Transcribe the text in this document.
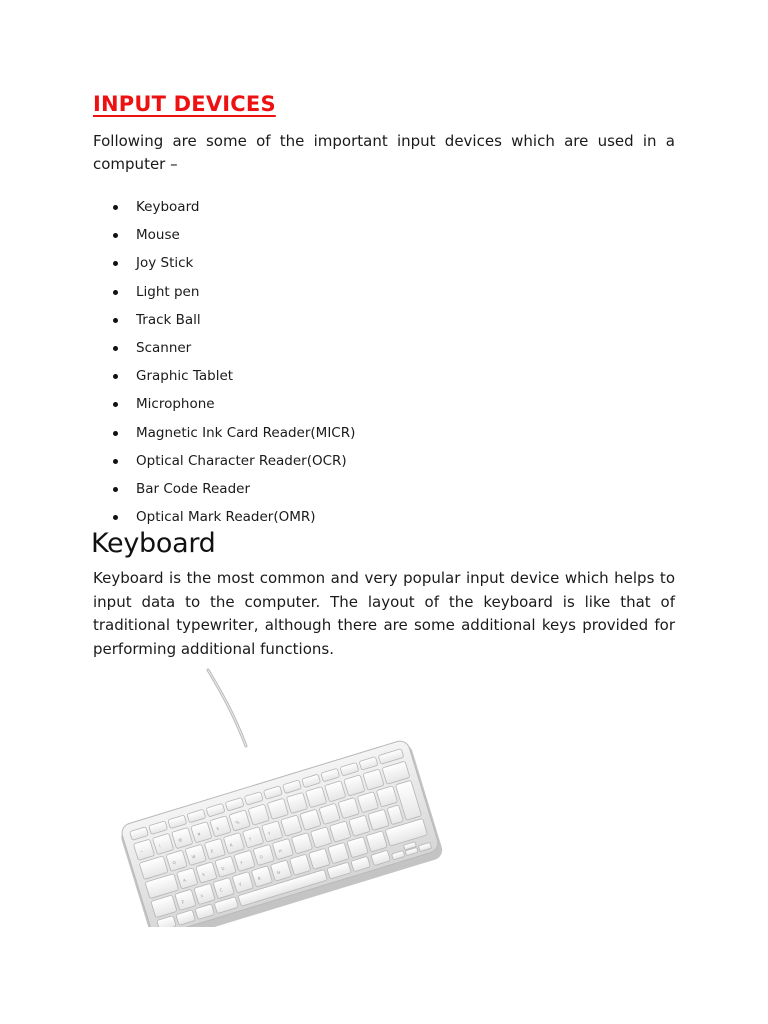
INPUT DEVICES

Following are some of the important input devices which are used in a computer –

Keyboard
Mouse
Joy Stick
Light pen
Track Ball
Scanner
Graphic Tablet
Microphone
Magnetic Ink Card Reader(MICR)
Optical Character Reader(OCR)
Bar Code Reader
Optical Mark Reader(OMR)
Keyboard

Keyboard is the most common and very popular input device which helps to input data to the computer. The layout of the keyboard is like that of traditional typewriter, although there are some additional keys provided for performing additional functions.

~
!
@
#
$
%
Q
W
E
R
T
Y
A
S
D
F
G
H
Z
X
C
V
B
N
